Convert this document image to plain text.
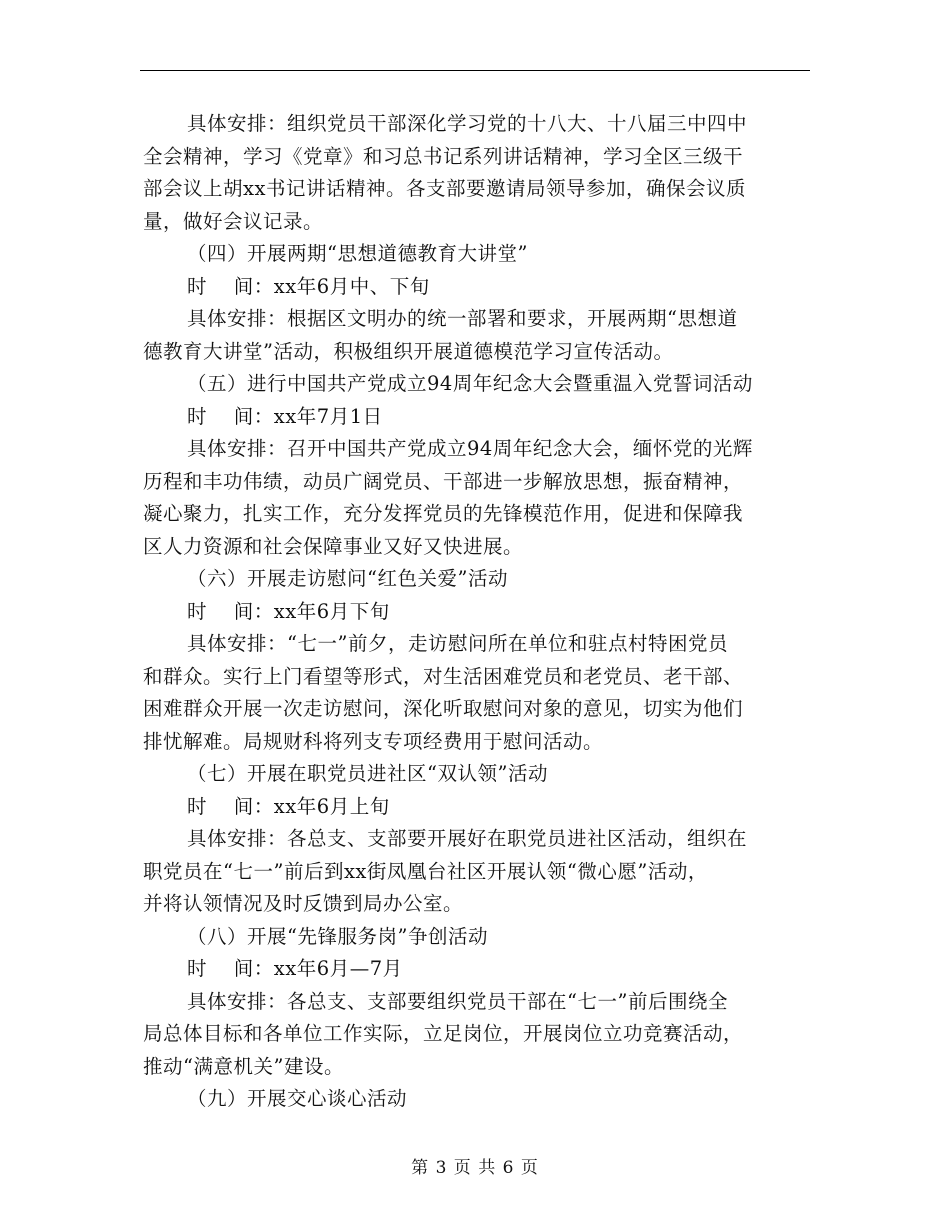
具体安排：组织党员干部深化学习党的十八大、十八届三中四中
全会精神，学习《党章》和习总书记系列讲话精神，学习全区三级干
部会议上胡xx书记讲话精神。各支部要邀请局领导参加，确保会议质
量，做好会议记录。
（四）开展两期“思想道德教育大讲堂”
时    间：xx年6月中、下旬
具体安排：根据区文明办的统一部署和要求，开展两期“思想道
德教育大讲堂”活动，积极组织开展道德模范学习宣传活动。
（五）进行中国共产党成立94周年纪念大会暨重温入党誓词活动
时    间：xx年7月1日
具体安排：召开中国共产党成立94周年纪念大会，缅怀党的光辉
历程和丰功伟绩，动员广阔党员、干部进一步解放思想，振奋精神，
凝心聚力，扎实工作，充分发挥党员的先锋模范作用，促进和保障我
区人力资源和社会保障事业又好又快进展。
（六）开展走访慰问“红色关爱”活动
时    间：xx年6月下旬
具体安排：“七一”前夕，走访慰问所在单位和驻点村特困党员
和群众。实行上门看望等形式，对生活困难党员和老党员、老干部、
困难群众开展一次走访慰问，深化听取慰问对象的意见，切实为他们
排忧解难。局规财科将列支专项经费用于慰问活动。
（七）开展在职党员进社区“双认领”活动
时    间：xx年6月上旬
具体安排：各总支、支部要开展好在职党员进社区活动，组织在
职党员在“七一”前后到xx街凤凰台社区开展认领“微心愿”活动，
并将认领情况及时反馈到局办公室。
（八）开展“先锋服务岗”争创活动
时    间：xx年6月—7月
具体安排：各总支、支部要组织党员干部在“七一”前后围绕全
局总体目标和各单位工作实际，立足岗位，开展岗位立功竞赛活动，
推动“满意机关”建设。
（九）开展交心谈心活动
第 3 页 共 6 页
